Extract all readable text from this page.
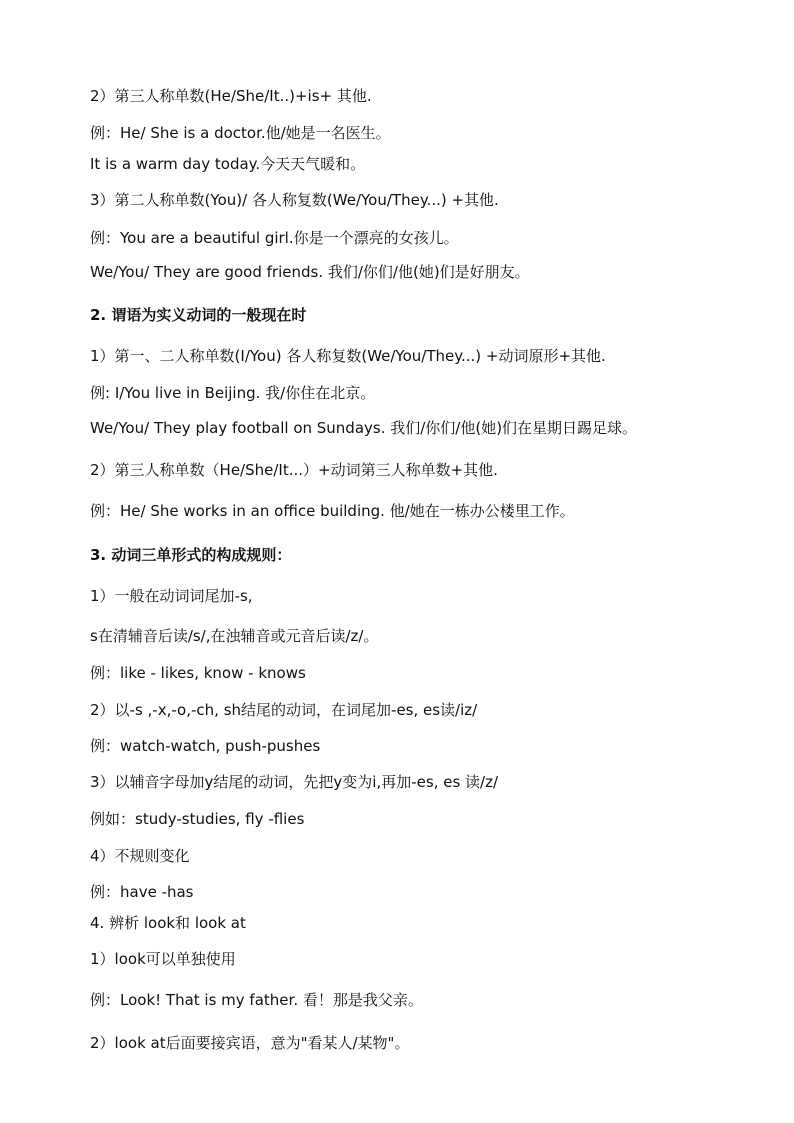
2）第三人称单数(He/She/It..)+is+ 其他.
例：He/ She is a doctor.他/她是一名医生。
It is a warm day today.今天天气暖和。
3）第二人称单数(You)/ 各人称复数(We/You/They...) +其他.
例：You are a beautiful girl.你是一个漂亮的女孩儿。
We/You/ They are good friends. 我们/你们/他(她)们是好朋友。
2. 谓语为实义动词的一般现在时
1）第一、二人称单数(I/You) 各人称复数(We/You/They...) +动词原形+其他.
例: I/You live in Beijing. 我/你住在北京。
We/You/ They play football on Sundays. 我们/你们/他(她)们在星期日踢足球。
2）第三人称单数（He/She/It...）+动词第三人称单数+其他.
例：He/ She works in an office building. 他/她在一栋办公楼里工作。
3. 动词三单形式的构成规则：
1）一般在动词词尾加-s,
s在清辅音后读/s/,在浊辅音或元音后读/z/。
例：like - likes, know - knows
2）以-s ,-x,-o,-ch, sh结尾的动词，在词尾加-es, es读/iz/
例：watch-watch, push-pushes
3）以辅音字母加y结尾的动词，先把y变为i,再加-es, es 读/z/
例如：study-studies, fly -flies
4）不规则变化
例：have -has
4. 辨析 look和 look at
1）look可以单独使用
例：Look! That is my father. 看！那是我父亲。
2）look at后面要接宾语，意为"看某人/某物"。
